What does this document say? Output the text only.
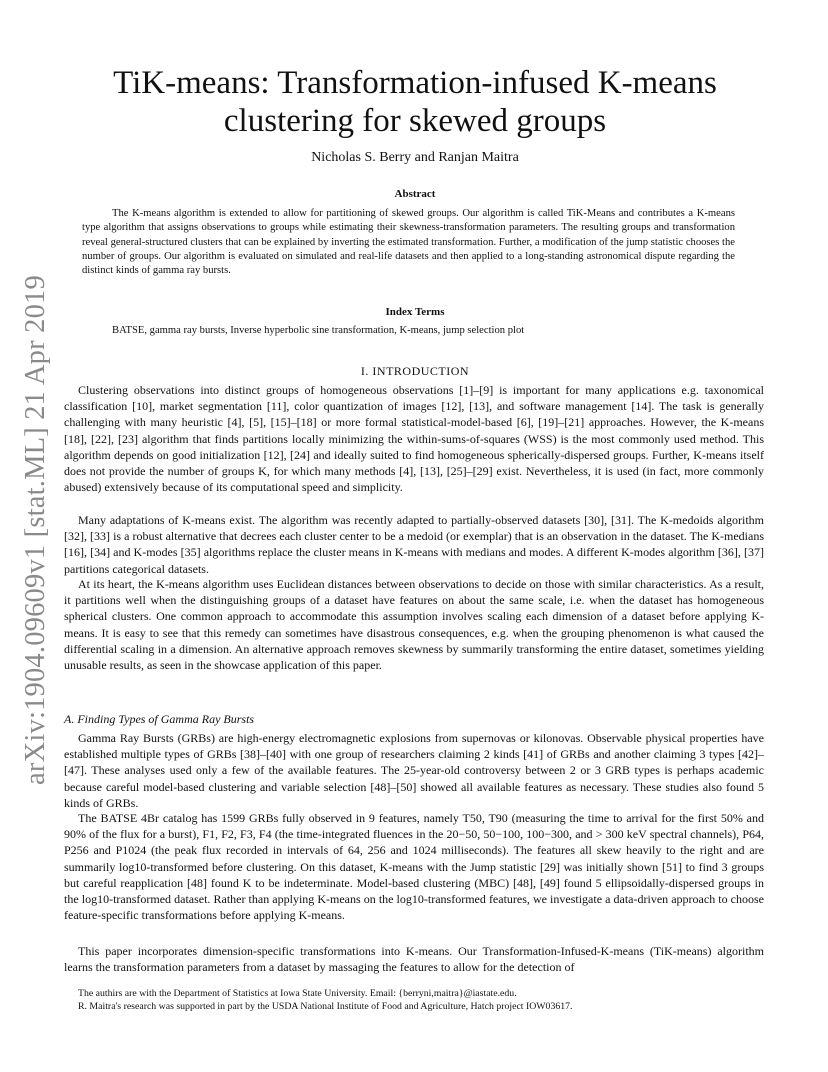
arXiv:1904.09609v1 [stat.ML] 21 Apr 2019
TiK-means: Transformation-infused K-means
clustering for skewed groups
Nicholas S. Berry and Ranjan Maitra
Abstract
The K-means algorithm is extended to allow for partitioning of skewed groups. Our algorithm is called TiK-Means and contributes a K-means type algorithm that assigns observations to groups while estimating their skewness-transformation parameters. The resulting groups and transformation reveal general-structured clusters that can be explained by inverting the estimated transformation. Further, a modification of the jump statistic chooses the number of groups. Our algorithm is evaluated on simulated and real-life datasets and then applied to a long-standing astronomical dispute regarding the distinct kinds of gamma ray bursts.
Index Terms
BATSE, gamma ray bursts, Inverse hyperbolic sine transformation, K-means, jump selection plot
I. INTRODUCTION

Clustering observations into distinct groups of homogeneous observations [1]–[9] is important for many applications e.g. taxonomical classification [10], market segmentation [11], color quantization of images [12], [13], and software management [14]. The task is generally challenging with many heuristic [4], [5], [15]–[18] or more formal statistical-model-based [6], [19]–[21] approaches. However, the K-means [18], [22], [23] algorithm that finds partitions locally minimizing the within-sums-of-squares (WSS) is the most commonly used method. This algorithm depends on good initialization [12], [24] and ideally suited to find homogeneous spherically-dispersed groups. Further, K-means itself does not provide the number of groups K, for which many methods [4], [13], [25]–[29] exist. Nevertheless, it is used (in fact, more commonly abused) extensively because of its computational speed and simplicity.

Many adaptations of K-means exist. The algorithm was recently adapted to partially-observed datasets [30], [31]. The K-medoids algorithm [32], [33] is a robust alternative that decrees each cluster center to be a medoid (or exemplar) that is an observation in the dataset. The K-medians [16], [34] and K-modes [35] algorithms replace the cluster means in K-means with medians and modes. A different K-modes algorithm [36], [37] partitions categorical datasets.

At its heart, the K-means algorithm uses Euclidean distances between observations to decide on those with similar characteristics. As a result, it partitions well when the distinguishing groups of a dataset have features on about the same scale, i.e. when the dataset has homogeneous spherical clusters. One common approach to accommodate this assumption involves scaling each dimension of a dataset before applying K-means. It is easy to see that this remedy can sometimes have disastrous consequences, e.g. when the grouping phenomenon is what caused the differential scaling in a dimension. An alternative approach removes skewness by summarily transforming the entire dataset, sometimes yielding unusable results, as seen in the showcase application of this paper.

A. Finding Types of Gamma Ray Bursts

Gamma Ray Bursts (GRBs) are high-energy electromagnetic explosions from supernovas or kilonovas. Observable physical properties have established multiple types of GRBs [38]–[40] with one group of researchers claiming 2 kinds [41] of GRBs and another claiming 3 types [42]–[47]. These analyses used only a few of the available features. The 25-year-old controversy between 2 or 3 GRB types is perhaps academic because careful model-based clustering and variable selection [48]–[50] showed all available features as necessary. These studies also found 5 kinds of GRBs.

The BATSE 4Br catalog has 1599 GRBs fully observed in 9 features, namely T50, T90 (measuring the time to arrival for the first 50% and 90% of the flux for a burst), F1, F2, F3, F4 (the time-integrated fluences in the 20−50, 50−100, 100−300, and > 300 keV spectral channels), P64, P256 and P1024 (the peak flux recorded in intervals of 64, 256 and 1024 milliseconds). The features all skew heavily to the right and are summarily log10-transformed before clustering. On this dataset, K-means with the Jump statistic [29] was initially shown [51] to find 3 groups but careful reapplication [48] found K to be indeterminate. Model-based clustering (MBC) [48], [49] found 5 ellipsoidally-dispersed groups in the log10-transformed dataset. Rather than applying K-means on the log10-transformed features, we investigate a data-driven approach to choose feature-specific transformations before applying K-means.

This paper incorporates dimension-specific transformations into K-means. Our Transformation-Infused-K-means (TiK-means) algorithm learns the transformation parameters from a dataset by massaging the features to allow for the detection of

The authirs are with the Department of Statistics at Iowa State University. Email: {berryni,maitra}@iastate.edu.
R. Maitra's research was supported in part by the USDA National Institute of Food and Agriculture, Hatch project IOW03617.
